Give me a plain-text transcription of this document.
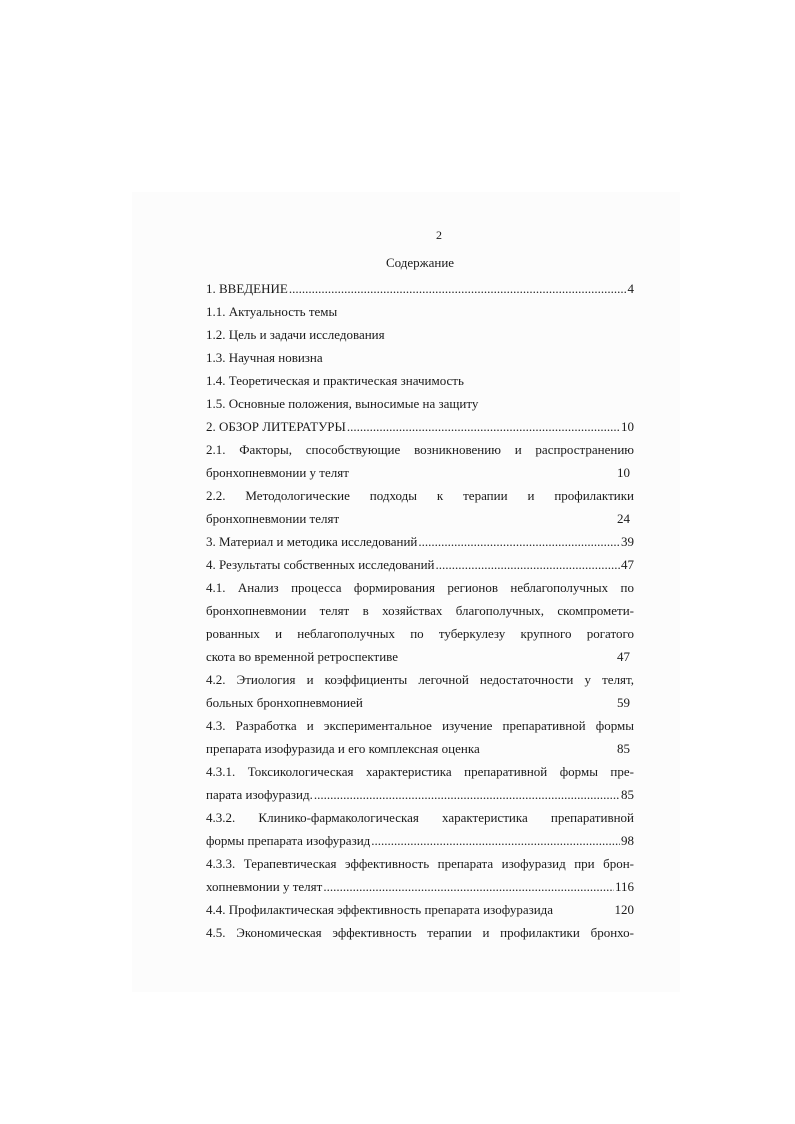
2
Содержание
1. ВВЕДЕНИЕ .....	4
1.1. Актуальность темы
1.2. Цель и задачи исследования
1.3. Научная новизна
1.4. Теоретическая и практическая значимость
1.5. Основные положения, выносимые на защиту
2. ОБЗОР ЛИТЕРАТУРЫ .....	10
2.1. Факторы, способствующие возникновению и распространению
бронхопневмонии у телят	10
2.2. Методологические подходы к терапии и профилактики
бронхопневмонии телят	24
3. Материал и методика исследований .....	39
4. Результаты собственных исследований .....	47
4.1. Анализ процесса формирования регионов неблагополучных по
бронхопневмонии телят в хозяйствах благополучных, скомпромети-
рованных и неблагополучных по туберкулезу крупного рогатого
скота во временной ретроспективе	47
4.2. Этиология и коэффициенты легочной недостаточности у телят,
больных бронхопневмонией	59
4.3. Разработка и экспериментальное изучение препаративной формы
препарата изофуразида и его комплексная оценка	85
4.3.1. Токсикологическая характеристика препаративной формы пре-
парата изофуразид. .....	85
4.3.2. Клинико-фармакологическая характеристика препаративной
формы препарата изофуразид .....	98
4.3.3. Терапевтическая эффективность препарата изофуразид при брон-
хопневмонии у телят .....	116
4.4. Профилактическая эффективность препарата изофуразида	120
4.5. Экономическая эффективность терапии и профилактики бронхо-
